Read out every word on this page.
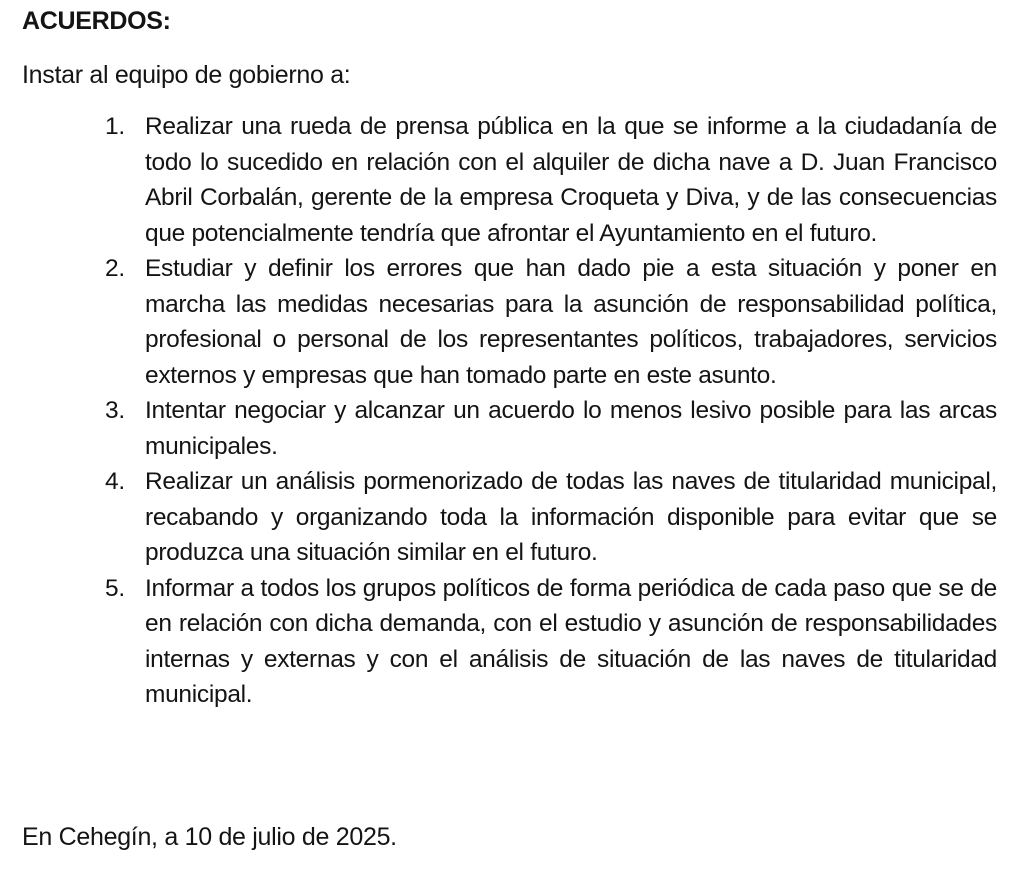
ACUERDOS:
Instar al equipo de gobierno a:
1. Realizar una rueda de prensa pública en la que se informe a la ciudadanía de todo lo sucedido en relación con el alquiler de dicha nave a D. Juan Francisco Abril Corbalán, gerente de la empresa Croqueta y Diva, y de las consecuencias que potencialmente tendría que afrontar el Ayuntamiento en el futuro.
2. Estudiar y definir los errores que han dado pie a esta situación y poner en marcha las medidas necesarias para la asunción de responsabilidad política, profesional o personal de los representantes políticos, trabajadores, servicios externos y empresas que han tomado parte en este asunto.
3. Intentar negociar y alcanzar un acuerdo lo menos lesivo posible para las arcas municipales.
4. Realizar un análisis pormenorizado de todas las naves de titularidad municipal, recabando y organizando toda la información disponible para evitar que se produzca una situación similar en el futuro.
5. Informar a todos los grupos políticos de forma periódica de cada paso que se de en relación con dicha demanda, con el estudio y asunción de responsabilidades internas y externas y con el análisis de situación de las naves de titularidad municipal.
En Cehegín, a 10 de julio de 2025.
